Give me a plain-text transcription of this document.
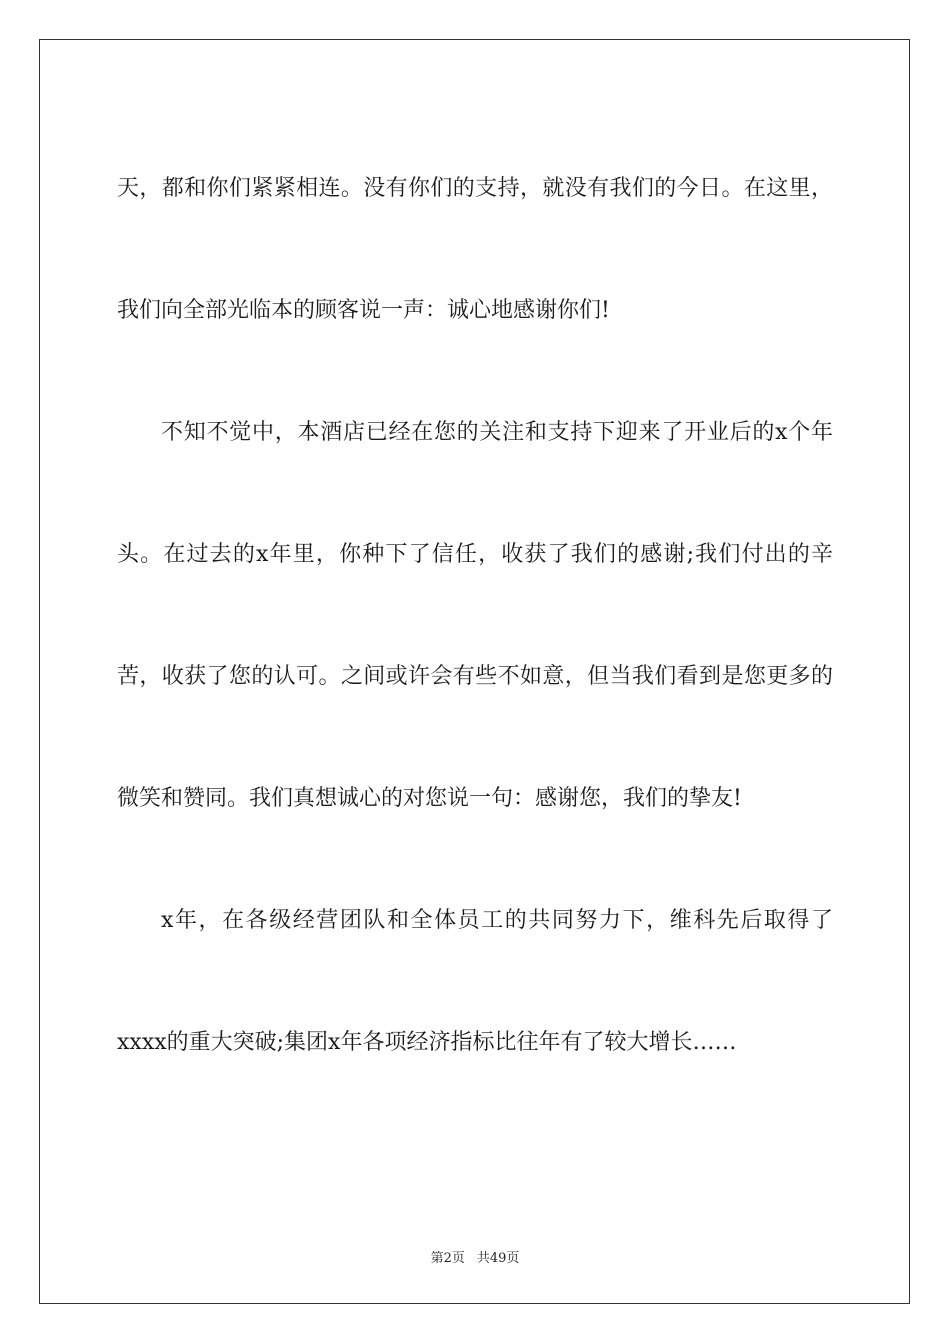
天，都和你们紧紧相连。没有你们的支持，就没有我们的今日。在这里，我们向全部光临本的顾客说一声：诚心地感谢你们!

不知不觉中，本酒店已经在您的关注和支持下迎来了开业后的x个年头。在过去的x年里，你种下了信任，收获了我们的感谢;我们付出的辛苦，收获了您的认可。之间或许会有些不如意，但当我们看到是您更多的微笑和赞同。我们真想诚心的对您说一句：感谢您，我们的挚友!

x年，在各级经营团队和全体员工的共同努力下，维科先后取得了xxxx的重大突破;集团x年各项经济指标比往年有了较大增长……

第2页 共49页
